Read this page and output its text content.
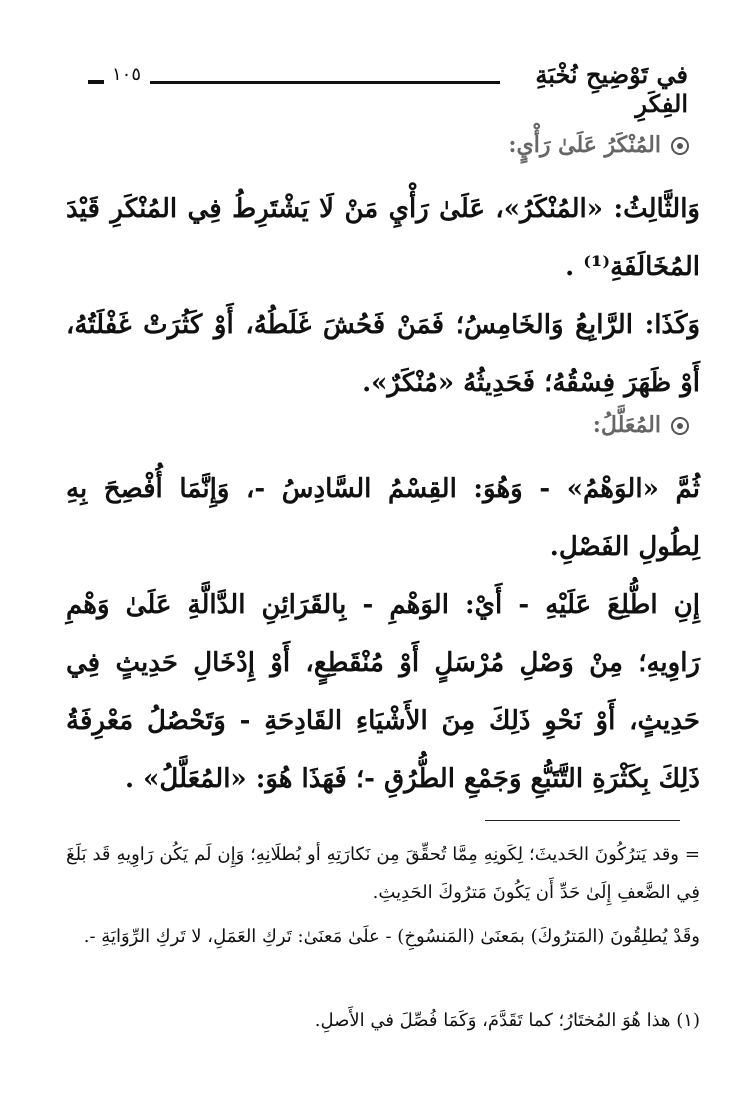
١٠٥	في تَوْضِيحِ نُخْبَةِ الفِكَرِ
المُنْكَرُ عَلَىٰ رَأْيٍ:
وَالثَّالِثُ: «المُنْكَرُ»، عَلَىٰ رَأْيِ مَنْ لَا يَشْتَرِطُ فِي المُنْكَرِ قَيْدَ المُخَالَفَةِ⁽¹⁾ .
وَكَذَا: الرَّابِعُ وَالخَامِسُ؛ فَمَنْ فَحُشَ غَلَطُهُ، أَوْ كَثُرَتْ غَفْلَتُهُ، أَوْ ظَهَرَ فِسْقُهُ؛ فَحَدِيثُهُ «مُنْكَرٌ».
المُعَلَّلُ:
ثُمَّ «الوَهْمُ» - وَهُوَ: القِسْمُ السَّادِسُ -، وَإِنَّمَا أُفْصِحَ بِهِ لِطُولِ الفَصْلِ.
إِنِ اطُّلِعَ عَلَيْهِ - أَيْ: الوَهْمِ - بِالقَرَائِنِ الدَّالَّةِ عَلَىٰ وَهْمِ رَاوِيهِ؛ مِنْ وَصْلِ مُرْسَلٍ أَوْ مُنْقَطِعٍ، أَوْ إِدْخَالِ حَدِيثٍ فِي حَدِيثٍ، أَوْ نَحْوِ ذَلِكَ مِنَ الأَشْيَاءِ القَادِحَةِ - وَتَحْصُلُ مَعْرِفَةُ ذَلِكَ بِكَثْرَةِ التَّتَبُّعِ وَجَمْعِ الطُّرُقِ -؛ فَهَذَا هُوَ: «المُعَلَّلُ» .
= وقد يَترُكُونَ الحَديثَ؛ لِكَونِهِ مِمَّا تُحقِّقَ مِن نَكارَتِهِ أو بُطلَانِهِ؛ وَإِن لَم يَكُن رَاوِيهِ قَد بَلَغَ فِي الضَّعفِ إِلَىٰ حَدِّ أَن يَكُونَ مَترُوكَ الحَدِيثِ.
وقَدْ يُطلِقُونَ (المَترُوكَ) بمَعنَىٰ (المَنسُوخِ) - علَىٰ مَعنَىٰ: تَركِ العَمَلِ، لا تَركِ الرِّوَايَةِ -.
(١) هذا هُوَ المُختَارُ؛ كما تَقَدَّمَ، وَكَمَا فُصِّلَ في الأَصلِ.
